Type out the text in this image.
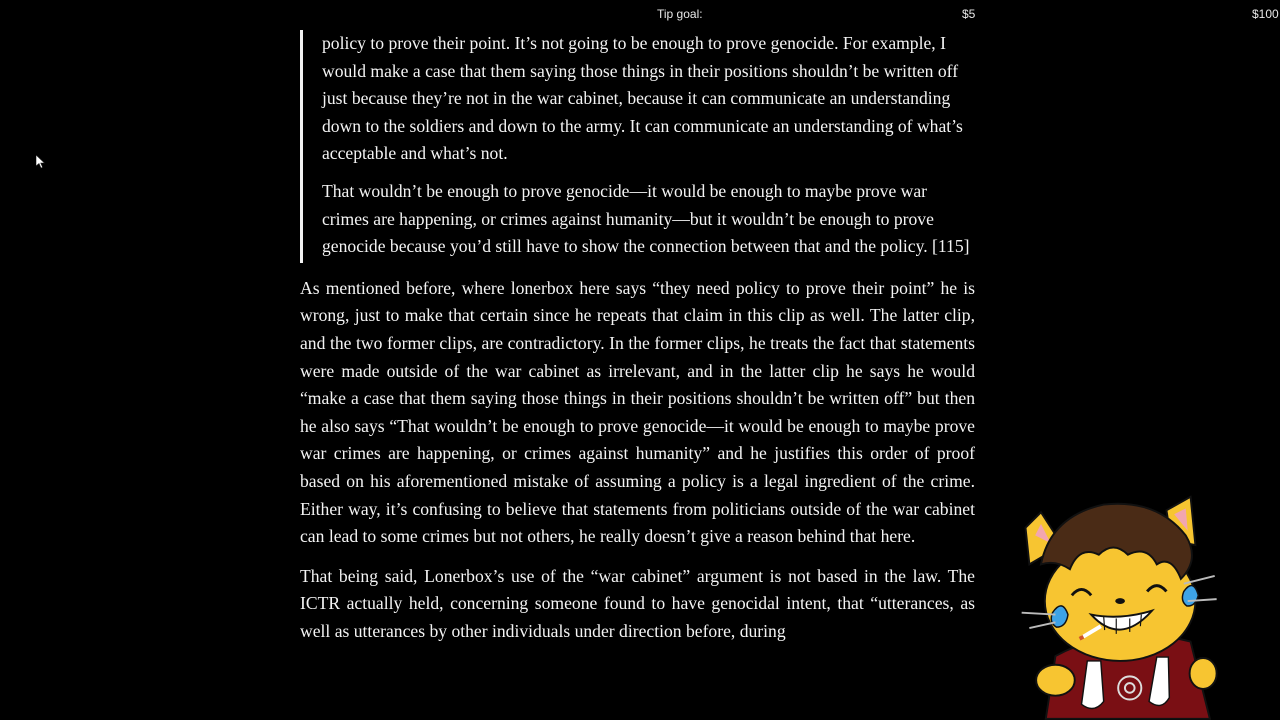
Tip goal:	$5	$100

policy to prove their point. It’s not going to be enough to prove genocide. For example, I would make a case that them saying those things in their positions shouldn’t be written off just because they’re not in the war cabinet, because it can communicate an understanding down to the soldiers and down to the army. It can communicate an understanding of what’s acceptable and what’s not.

That wouldn’t be enough to prove genocide—it would be enough to maybe prove war crimes are happening, or crimes against humanity—but it wouldn’t be enough to prove genocide because you’d still have to show the connection between that and the policy. [115]

As mentioned before, where lonerbox here says “they need policy to prove their point” he is wrong, just to make that certain since he repeats that claim in this clip as well. The latter clip, and the two former clips, are contradictory. In the former clips, he treats the fact that statements were made outside of the war cabinet as irrelevant, and in the latter clip he says he would “make a case that them saying those things in their positions shouldn’t be written off” but then he also says “That wouldn’t be enough to prove genocide—it would be enough to maybe prove war crimes are happening, or crimes against humanity” and he justifies this order of proof based on his aforementioned mistake of assuming a policy is a legal ingredient of the crime. Either way, it’s confusing to believe that statements from politicians outside of the war cabinet can lead to some crimes but not others, he really doesn’t give a reason behind that here.

That being said, Lonerbox’s use of the “war cabinet” argument is not based in the law. The ICTR actually held, concerning someone found to have genocidal intent, that “utterances, as well as utterances by other individuals under direction before, during
